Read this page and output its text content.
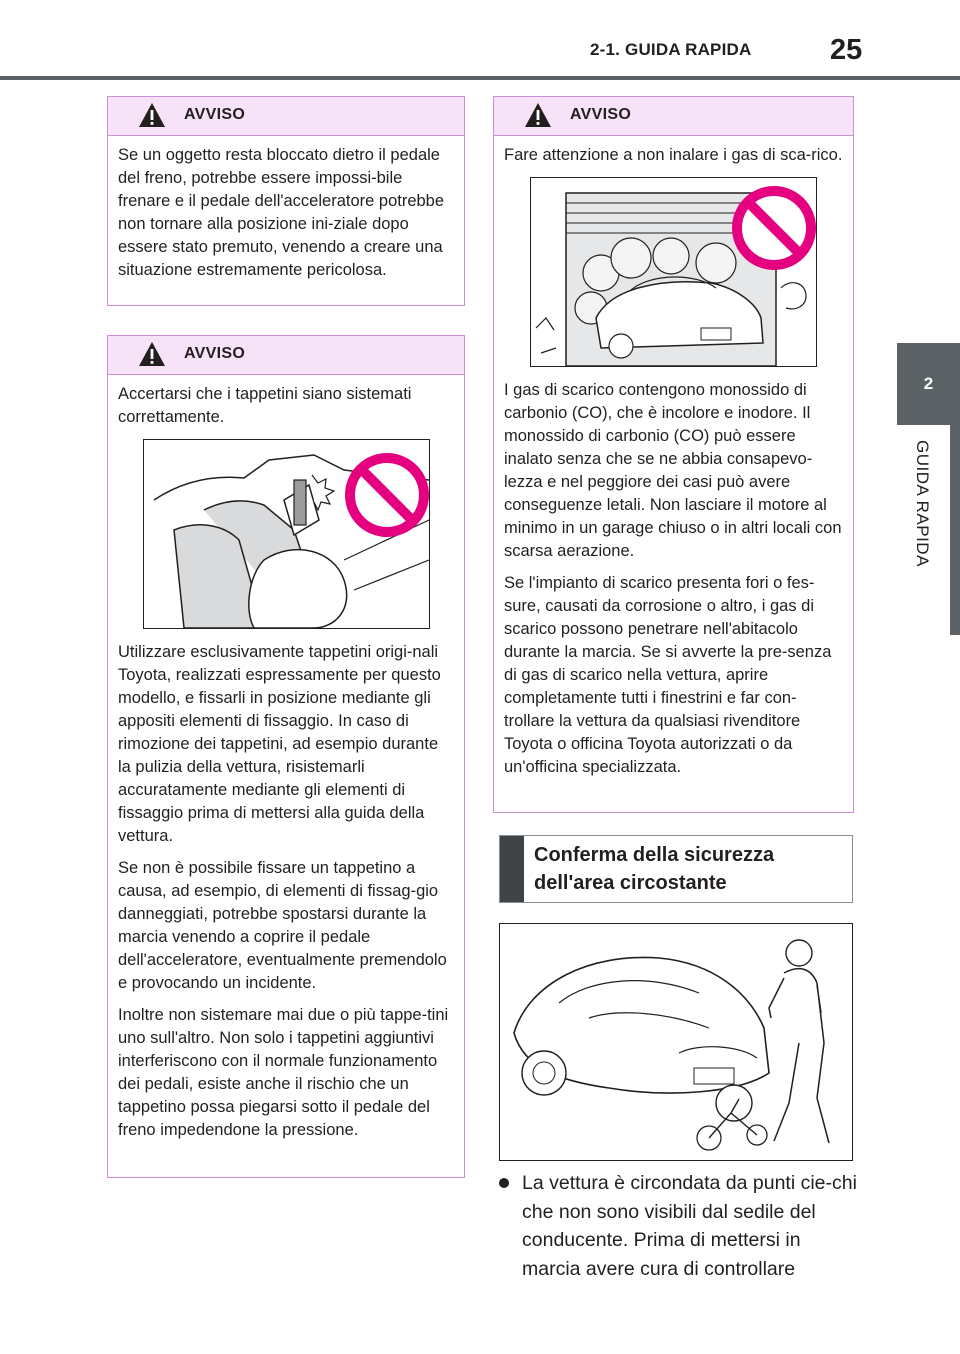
2-1. GUIDA RAPIDA	25
2
GUIDA RAPIDA
AVVISO

Se un oggetto resta bloccato dietro il pedale del freno, potrebbe essere impossi-bile frenare e il pedale dell'acceleratore potrebbe non tornare alla posizione ini-ziale dopo essere stato premuto, venendo a creare una situazione estremamente pericolosa.

AVVISO

Accertarsi che i tappetini siano sistemati correttamente.

Utilizzare esclusivamente tappetini origi-nali Toyota, realizzati espressamente per questo modello, e fissarli in posizione mediante gli appositi elementi di fissaggio. In caso di rimozione dei tappetini, ad esempio durante la pulizia della vettura, risistemarli accuratamente mediante gli elementi di fissaggio prima di mettersi alla guida della vettura.

Se non è possibile fissare un tappetino a causa, ad esempio, di elementi di fissag-gio danneggiati, potrebbe spostarsi durante la marcia venendo a coprire il pedale dell'acceleratore, eventualmente premendolo e provocando un incidente.

Inoltre non sistemare mai due o più tappe-tini uno sull'altro. Non solo i tappetini aggiuntivi interferiscono con il normale funzionamento dei pedali, esiste anche il rischio che un tappetino possa piegarsi sotto il pedale del freno impedendone la pressione.

AVVISO

Fare attenzione a non inalare i gas di sca-rico.

I gas di scarico contengono monossido di carbonio (CO), che è incolore e inodore. Il monossido di carbonio (CO) può essere inalato senza che se ne abbia consapevo-lezza e nel peggiore dei casi può avere conseguenze letali. Non lasciare il motore al minimo in un garage chiuso o in altri locali con scarsa aerazione.

Se l'impianto di scarico presenta fori o fes-sure, causati da corrosione o altro, i gas di scarico possono penetrare nell'abitacolo durante la marcia. Se si avverte la pre-senza di gas di scarico nella vettura, aprire completamente tutti i finestrini e far con-trollare la vettura da qualsiasi rivenditore Toyota o officina Toyota autorizzati o da un'officina specializzata.

Conferma della sicurezza
dell'area circostante
La vettura è circondata da punti cie-chi che non sono visibili dal sedile del conducente. Prima di mettersi in marcia avere cura di controllare
